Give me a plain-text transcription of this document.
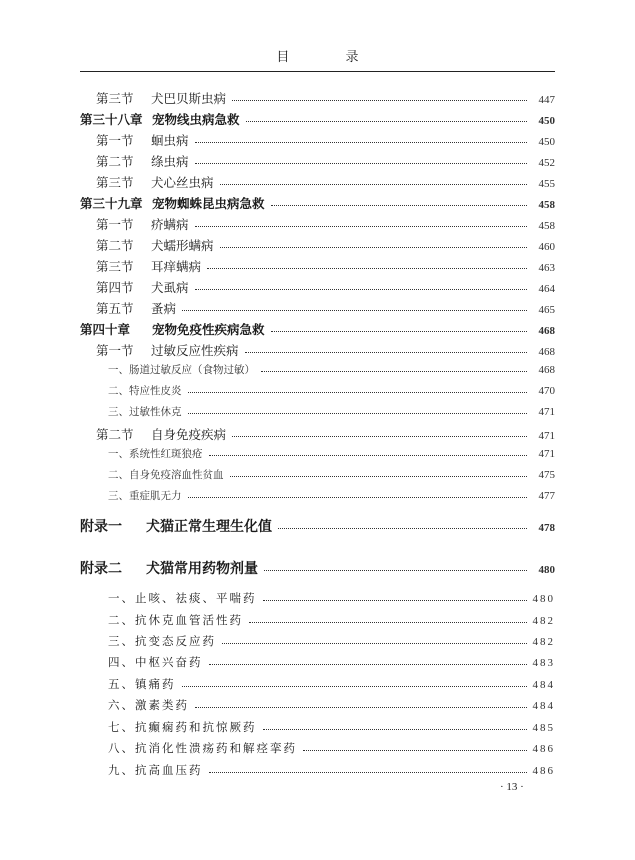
目 录
第三节	犬巴贝斯虫病	447
第三十八章 宠物线虫病急救	450
第一节	蛔虫病	450
第二节	绦虫病	452
第三节	犬心丝虫病	455
第三十九章 宠物蜘蛛昆虫病急救	458
第一节	疥螨病	458
第二节	犬蠕形螨病	460
第三节	耳痒螨病	463
第四节	犬虱病	464
第五节	蚤病	465
第四十章	宠物免疫性疾病急救	468
第一节	过敏反应性疾病	468
一、肠道过敏反应（食物过敏）	468
二、特应性皮炎	470
三、过敏性休克	471
第二节	自身免疫疾病	471
一、系统性红斑狼疮	471
二、自身免疫溶血性贫血	475
三、重症肌无力	477
附录一	犬猫正常生理生化值	478
附录二	犬猫常用药物剂量	480
一、止咳、祛痰、平喘药	480
二、抗休克血管活性药	482
三、抗变态反应药	482
四、中枢兴奋药	483
五、镇痛药	484
六、激素类药	484
七、抗癫痫药和抗惊厥药	485
八、抗消化性溃疡药和解痉挛药	486
九、抗高血压药	486
· 13 ·
